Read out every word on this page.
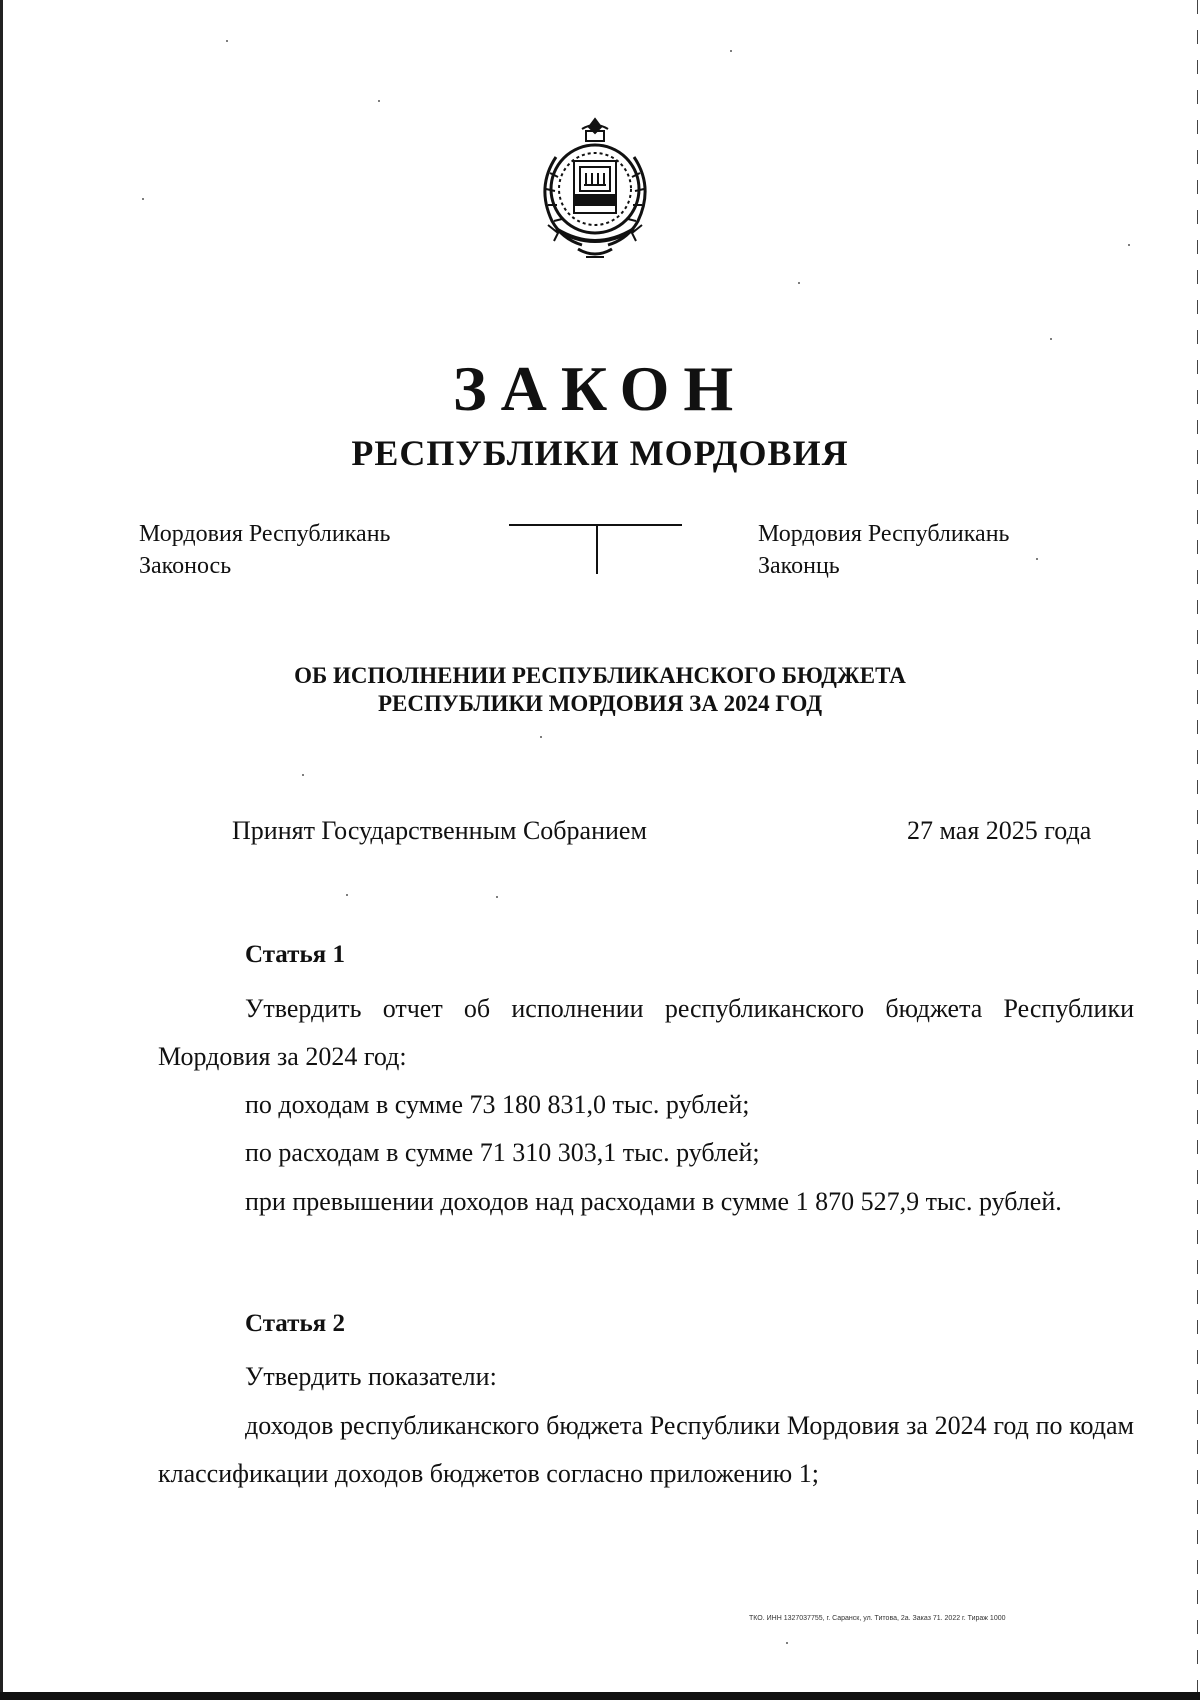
ЗАКОН
РЕСПУБЛИКИ МОРДОВИЯ
Мордовия Республикань
Законось
Мордовия Республикань
Законць
ОБ ИСПОЛНЕНИИ РЕСПУБЛИКАНСКОГО БЮДЖЕТА
РЕСПУБЛИКИ МОРДОВИЯ ЗА 2024 ГОД
Принят Государственным Собранием	27 мая 2025 года
Статья 1
Утвердить отчет об исполнении республиканского бюджета Республики Мордовия за 2024 год:
по доходам в сумме 73 180 831,0 тыс. рублей;
по расходам в сумме 71 310 303,1 тыс. рублей;
при превышении доходов над расходами в сумме 1 870 527,9 тыс. рублей.
Статья 2
Утвердить показатели:
доходов республиканского бюджета Республики Мордовия за 2024 год по кодам классификации доходов бюджетов согласно приложению 1;
ТКО. ИНН 1327037755, г. Саранск, ул. Титова, 2а. Заказ 71. 2022 г. Тираж 1000
